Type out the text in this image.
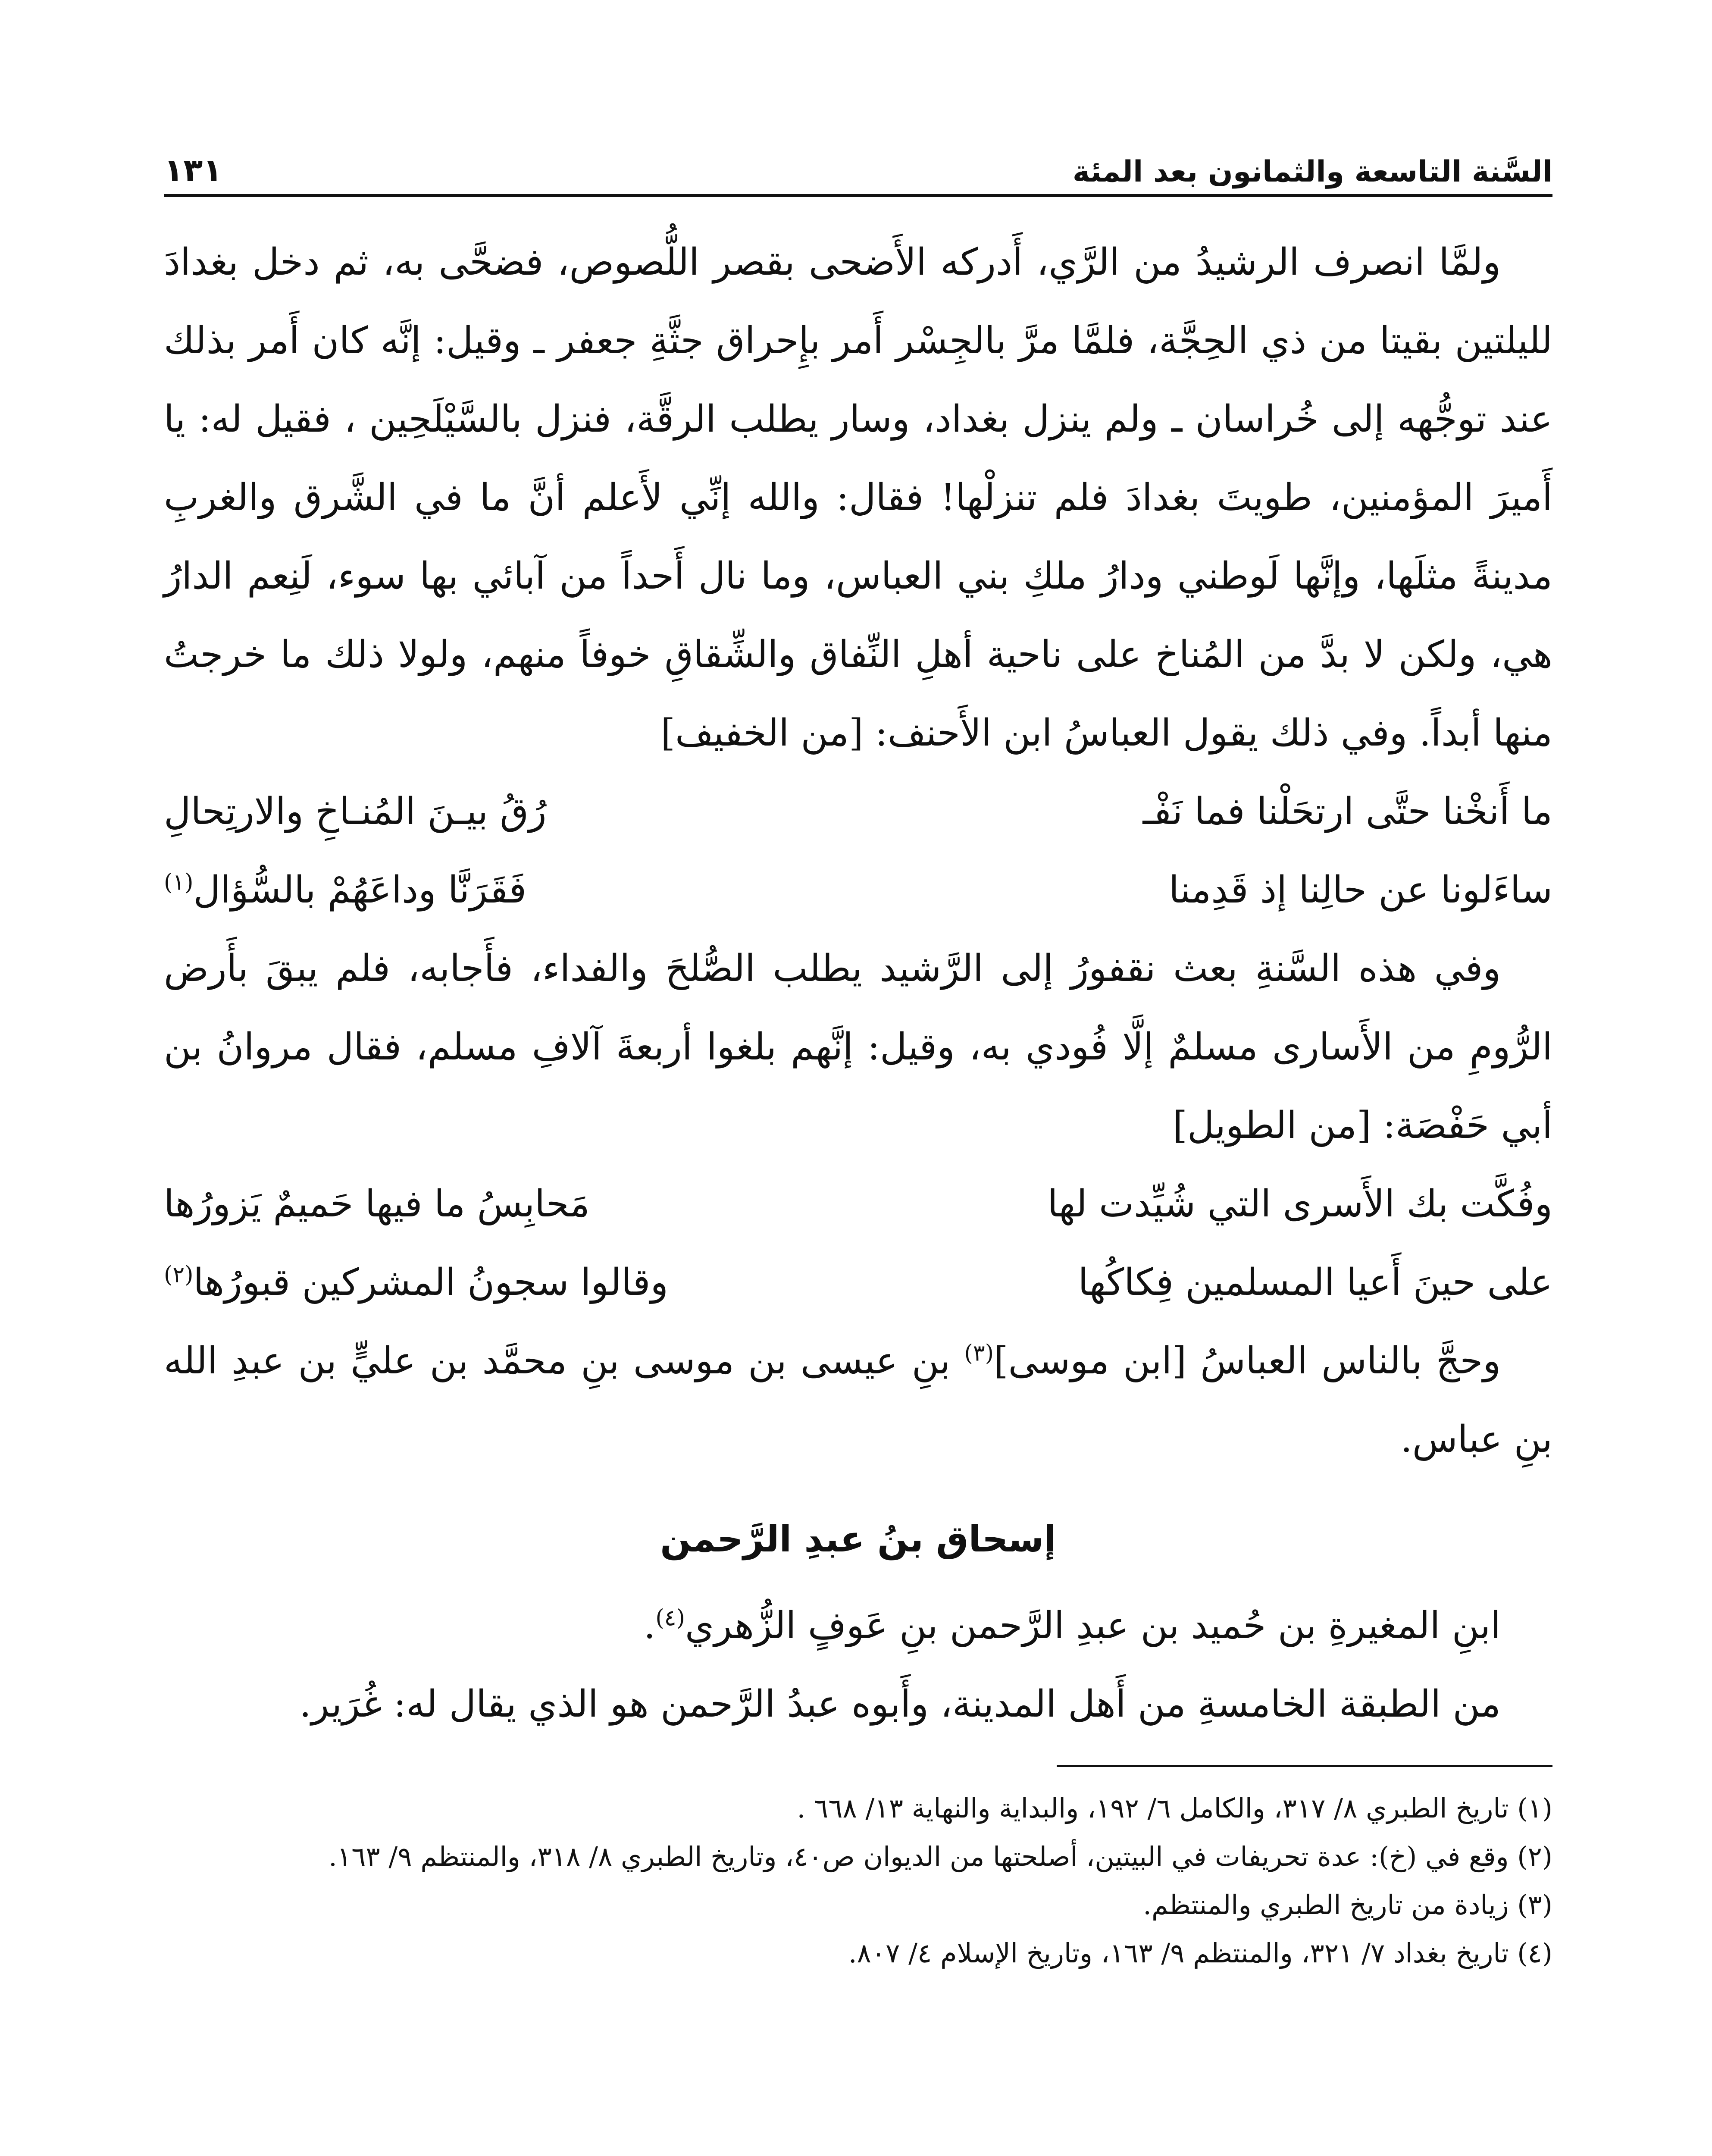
السَّنة التاسعة والثمانون بعد المئة
١٣١

ولمَّا انصرف الرشيدُ من الرَّي، أَدركه الأَضحى بقصر اللُّصوص، فضحَّى به، ثم دخل بغدادَ لليلتين بقيتا من ذي الحِجَّة، فلمَّا مرَّ بالجِسْر أَمر بإِحراق جثَّةِ جعفر ـ وقيل: إنَّه كان أَمر بذلك عند توجُّهه إلى خُراسان ـ ولم ينزل بغداد، وسار يطلب الرقَّة، فنزل بالسَّيْلَحِين ، فقيل له: يا أَميرَ المؤمنين، طويتَ بغدادَ فلم تنزلْها! فقال: والله إنِّي لأَعلم أنَّ ما في الشَّرق والغربِ مدينةً مثلَها، وإنَّها لَوطني ودارُ ملكِ بني العباس، وما نال أَحداً من آبائي بها سوء، لَنِعم الدارُ هي، ولكن لا بدَّ من المُناخ على ناحية أهلِ النِّفاق والشِّقاقِ خوفاً منهم، ولولا ذلك ما خرجتُ منها أبداً. وفي ذلك يقول العباسُ ابن الأَحنف: [من الخفيف]

ما أَنخْنا حتَّى ارتحَلْنا فما نَفْـ
رُقُ بيـنَ المُنـاخِ والارتِحالِ
ساءَلونا عن حالِنا إذ قَدِمنا
فَقَرَنَّا وداعَهُمْ بالسُّؤال$^{(١)}$

وفي هذه السَّنةِ بعث نقفورُ إلى الرَّشيد يطلب الصُّلحَ والفداء، فأَجابه، فلم يبقَ بأَرض الرُّومِ من الأَسارى مسلمٌ إلَّا فُودي به، وقيل: إنَّهم بلغوا أربعةَ آلافِ مسلم، فقال مروانُ بن أبي حَفْصَة: [من الطويل]

وفُكَّت بك الأَسرى التي شُيِّدت لها
مَحابِسُ ما فيها حَميمٌ يَزورُها
على حينَ أَعيا المسلمين فِكاكُها
وقالوا سجونُ المشركين قبورُها$^{(٢)}$

وحجَّ بالناس العباسُ [ابن موسى]$^{(٣)}$ بنِ عيسى بن موسى بنِ محمَّد بن عليٍّ بن عبدِ الله بنِ عباس.

إسحاق بنُ عبدِ الرَّحمن

ابنِ المغيرةِ بن حُميد بن عبدِ الرَّحمن بنِ عَوفٍ الزُّهري$^{(٤)}$.

من الطبقة الخامسةِ من أَهل المدينة، وأَبوه عبدُ الرَّحمن هو الذي يقال له: غُرَير.

(١) تاريخ الطبري ٨/ ٣١٧، والكامل ٦/ ١٩٢، والبداية والنهاية ١٣/ ٦٦٨ .

(٢) وقع في (خ): عدة تحريفات في البيتين، أصلحتها من الديوان ص٤٠، وتاريخ الطبري ٨/ ٣١٨، والمنتظم ٩/ ١٦٣.

(٣) زيادة من تاريخ الطبري والمنتظم.

(٤) تاريخ بغداد ٧/ ٣٢١، والمنتظم ٩/ ١٦٣، وتاريخ الإسلام ٤/ ٨٠٧.
